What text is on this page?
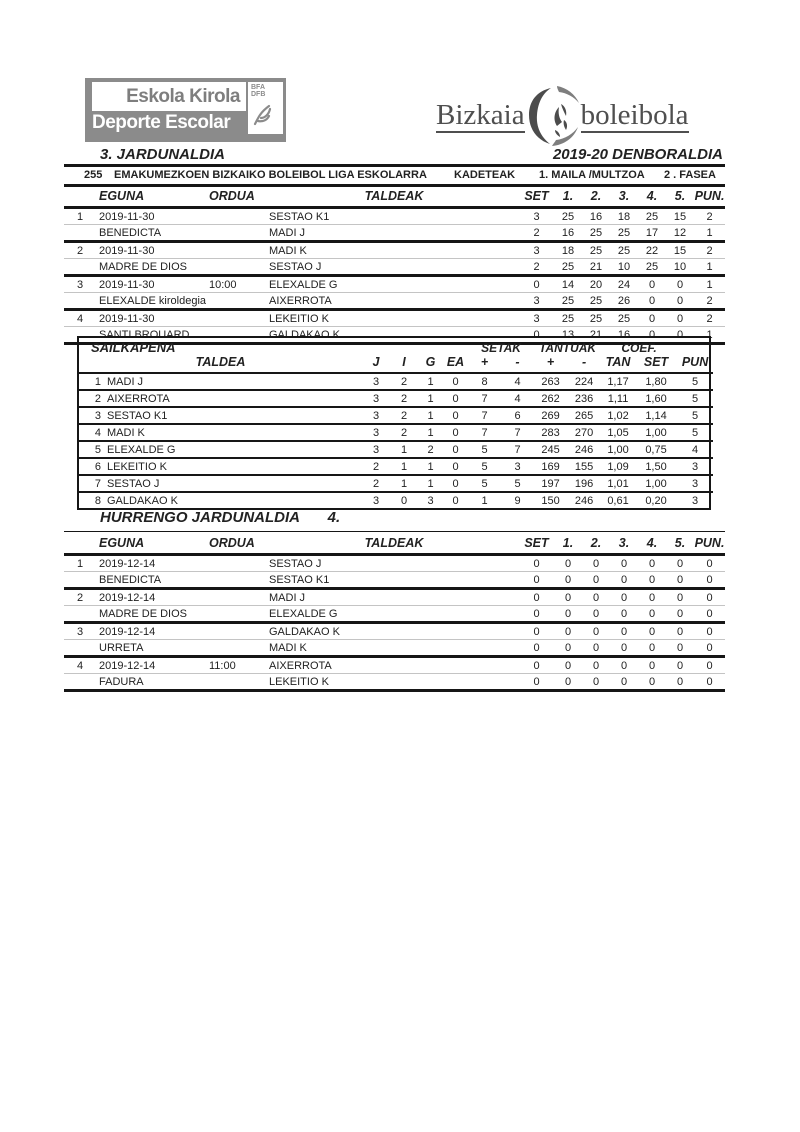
Eskola Kirola
Deporte Escolar
BFA
DFB
Bizkaia boleibola
3. JARDUNALDIA	2019-20 DENBORALDIA
255	EMAKUMEZKOEN BIZKAIKO BOLEIBOL LIGA ESKOLARRA	KADETEAK	1. MAILA /MULTZOA	2 . FASEA
	EGUNA	ORDUA	TALDEAK	SET	1.	2.	3.	4.	5.	PUN.
1	2019-11-30		SESTAO K1	3	25	16	18	25	15	2
	BENEDICTA		MADI J	2	16	25	25	17	12	1
2	2019-11-30		MADI K	3	18	25	25	22	15	2
	MADRE DE DIOS		SESTAO J	2	25	21	10	25	10	1
3	2019-11-30	10:00	ELEXALDE G	0	14	20	24	0	0	1
	ELEXALDE kiroldegia		AIXERROTA	3	25	25	26	0	0	2
4	2019-11-30		LEKEITIO K	3	25	25	25	0	0	2
	SANTI BROUARD		GALDAKAO K	0	13	21	16	0	0	1
SAILKAPENA						SETAK		TANTUAK		COEF.		
TALDEA		J	I	G	EA	+	-	+	-	TAN	SET	PUN
1	MADI J	3	2	1	0	8	4	263	224	1,17	1,80	5
2	AIXERROTA	3	2	1	0	7	4	262	236	1,11	1,60	5
3	SESTAO K1	3	2	1	0	7	6	269	265	1,02	1,14	5
4	MADI K	3	2	1	0	7	7	283	270	1,05	1,00	5
5	ELEXALDE G	3	1	2	0	5	7	245	246	1,00	0,75	4
6	LEKEITIO K	2	1	1	0	5	3	169	155	1,09	1,50	3
7	SESTAO J	2	1	1	0	5	5	197	196	1,01	1,00	3
8	GALDAKAO K	3	0	3	0	1	9	150	246	0,61	0,20	3
HURRENGO JARDUNALDIA 4.
	EGUNA	ORDUA	TALDEAK	SET	1.	2.	3.	4.	5.	PUN.
1	2019-12-14		SESTAO J	0	0	0	0	0	0	0
	BENEDICTA		SESTAO K1	0	0	0	0	0	0	0
2	2019-12-14		MADI J	0	0	0	0	0	0	0
	MADRE DE DIOS		ELEXALDE G	0	0	0	0	0	0	0
3	2019-12-14		GALDAKAO K	0	0	0	0	0	0	0
	URRETA		MADI K	0	0	0	0	0	0	0
4	2019-12-14	11:00	AIXERROTA	0	0	0	0	0	0	0
	FADURA		LEKEITIO K	0	0	0	0	0	0	0
